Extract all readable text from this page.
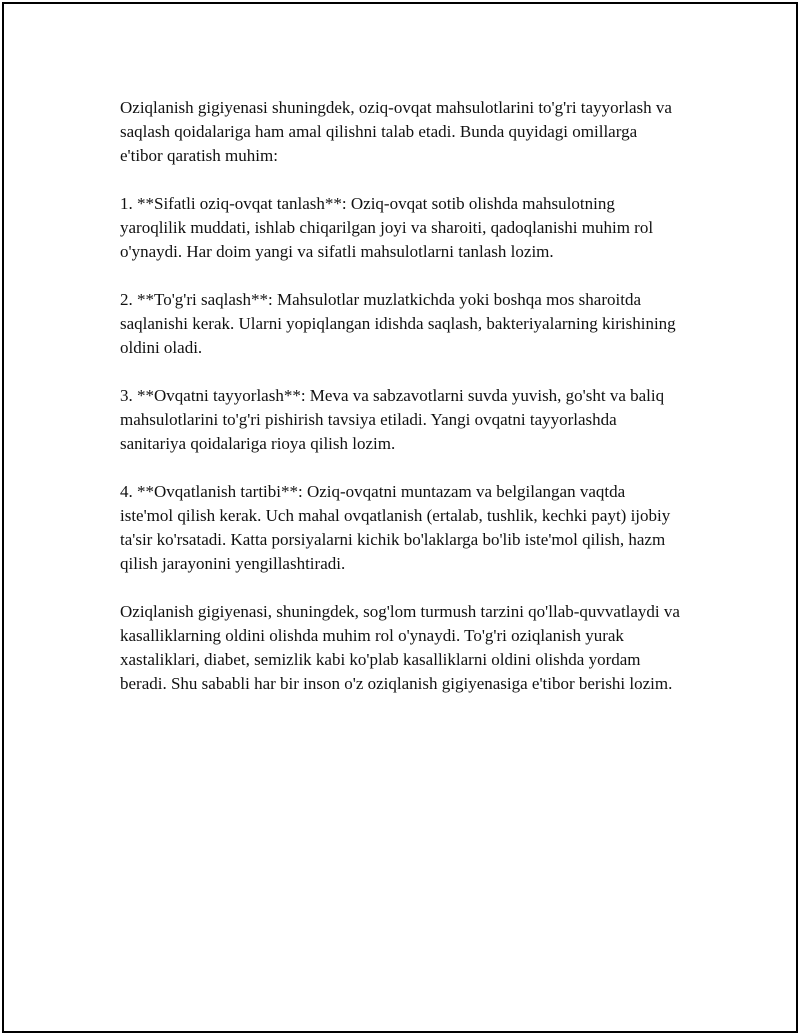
Oziqlanish gigiyenasi shuningdek, oziq-ovqat mahsulotlarini to'g'ri tayyorlash va saqlash qoidalariga ham amal qilishni talab etadi. Bunda quyidagi omillarga e'tibor qaratish muhim:

1. **Sifatli oziq-ovqat tanlash**: Oziq-ovqat sotib olishda mahsulotning yaroqlilik muddati, ishlab chiqarilgan joyi va sharoiti, qadoqlanishi muhim rol o'ynaydi. Har doim yangi va sifatli mahsulotlarni tanlash lozim.

2. **To'g'ri saqlash**: Mahsulotlar muzlatkichda yoki boshqa mos sharoitda saqlanishi kerak. Ularni yopiqlangan idishda saqlash, bakteriyalarning kirishining oldini oladi.

3. **Ovqatni tayyorlash**: Meva va sabzavotlarni suvda yuvish, go'sht va baliq mahsulotlarini to'g'ri pishirish tavsiya etiladi. Yangi ovqatni tayyorlashda sanitariya qoidalariga rioya qilish lozim.

4. **Ovqatlanish tartibi**: Oziq-ovqatni muntazam va belgilangan vaqtda iste'mol qilish kerak. Uch mahal ovqatlanish (ertalab, tushlik, kechki payt) ijobiy ta'sir ko'rsatadi. Katta porsiyalarni kichik bo'laklarga bo'lib iste'mol qilish, hazm qilish jarayonini yengillashtiradi.

Oziqlanish gigiyenasi, shuningdek, sog'lom turmush tarzini qo'llab-quvvatlaydi va kasalliklarning oldini olishda muhim rol o'ynaydi. To'g'ri oziqlanish yurak xastaliklari, diabet, semizlik kabi ko'plab kasalliklarni oldini olishda yordam beradi. Shu sababli har bir inson o'z oziqlanish gigiyenasiga e'tibor berishi lozim.
